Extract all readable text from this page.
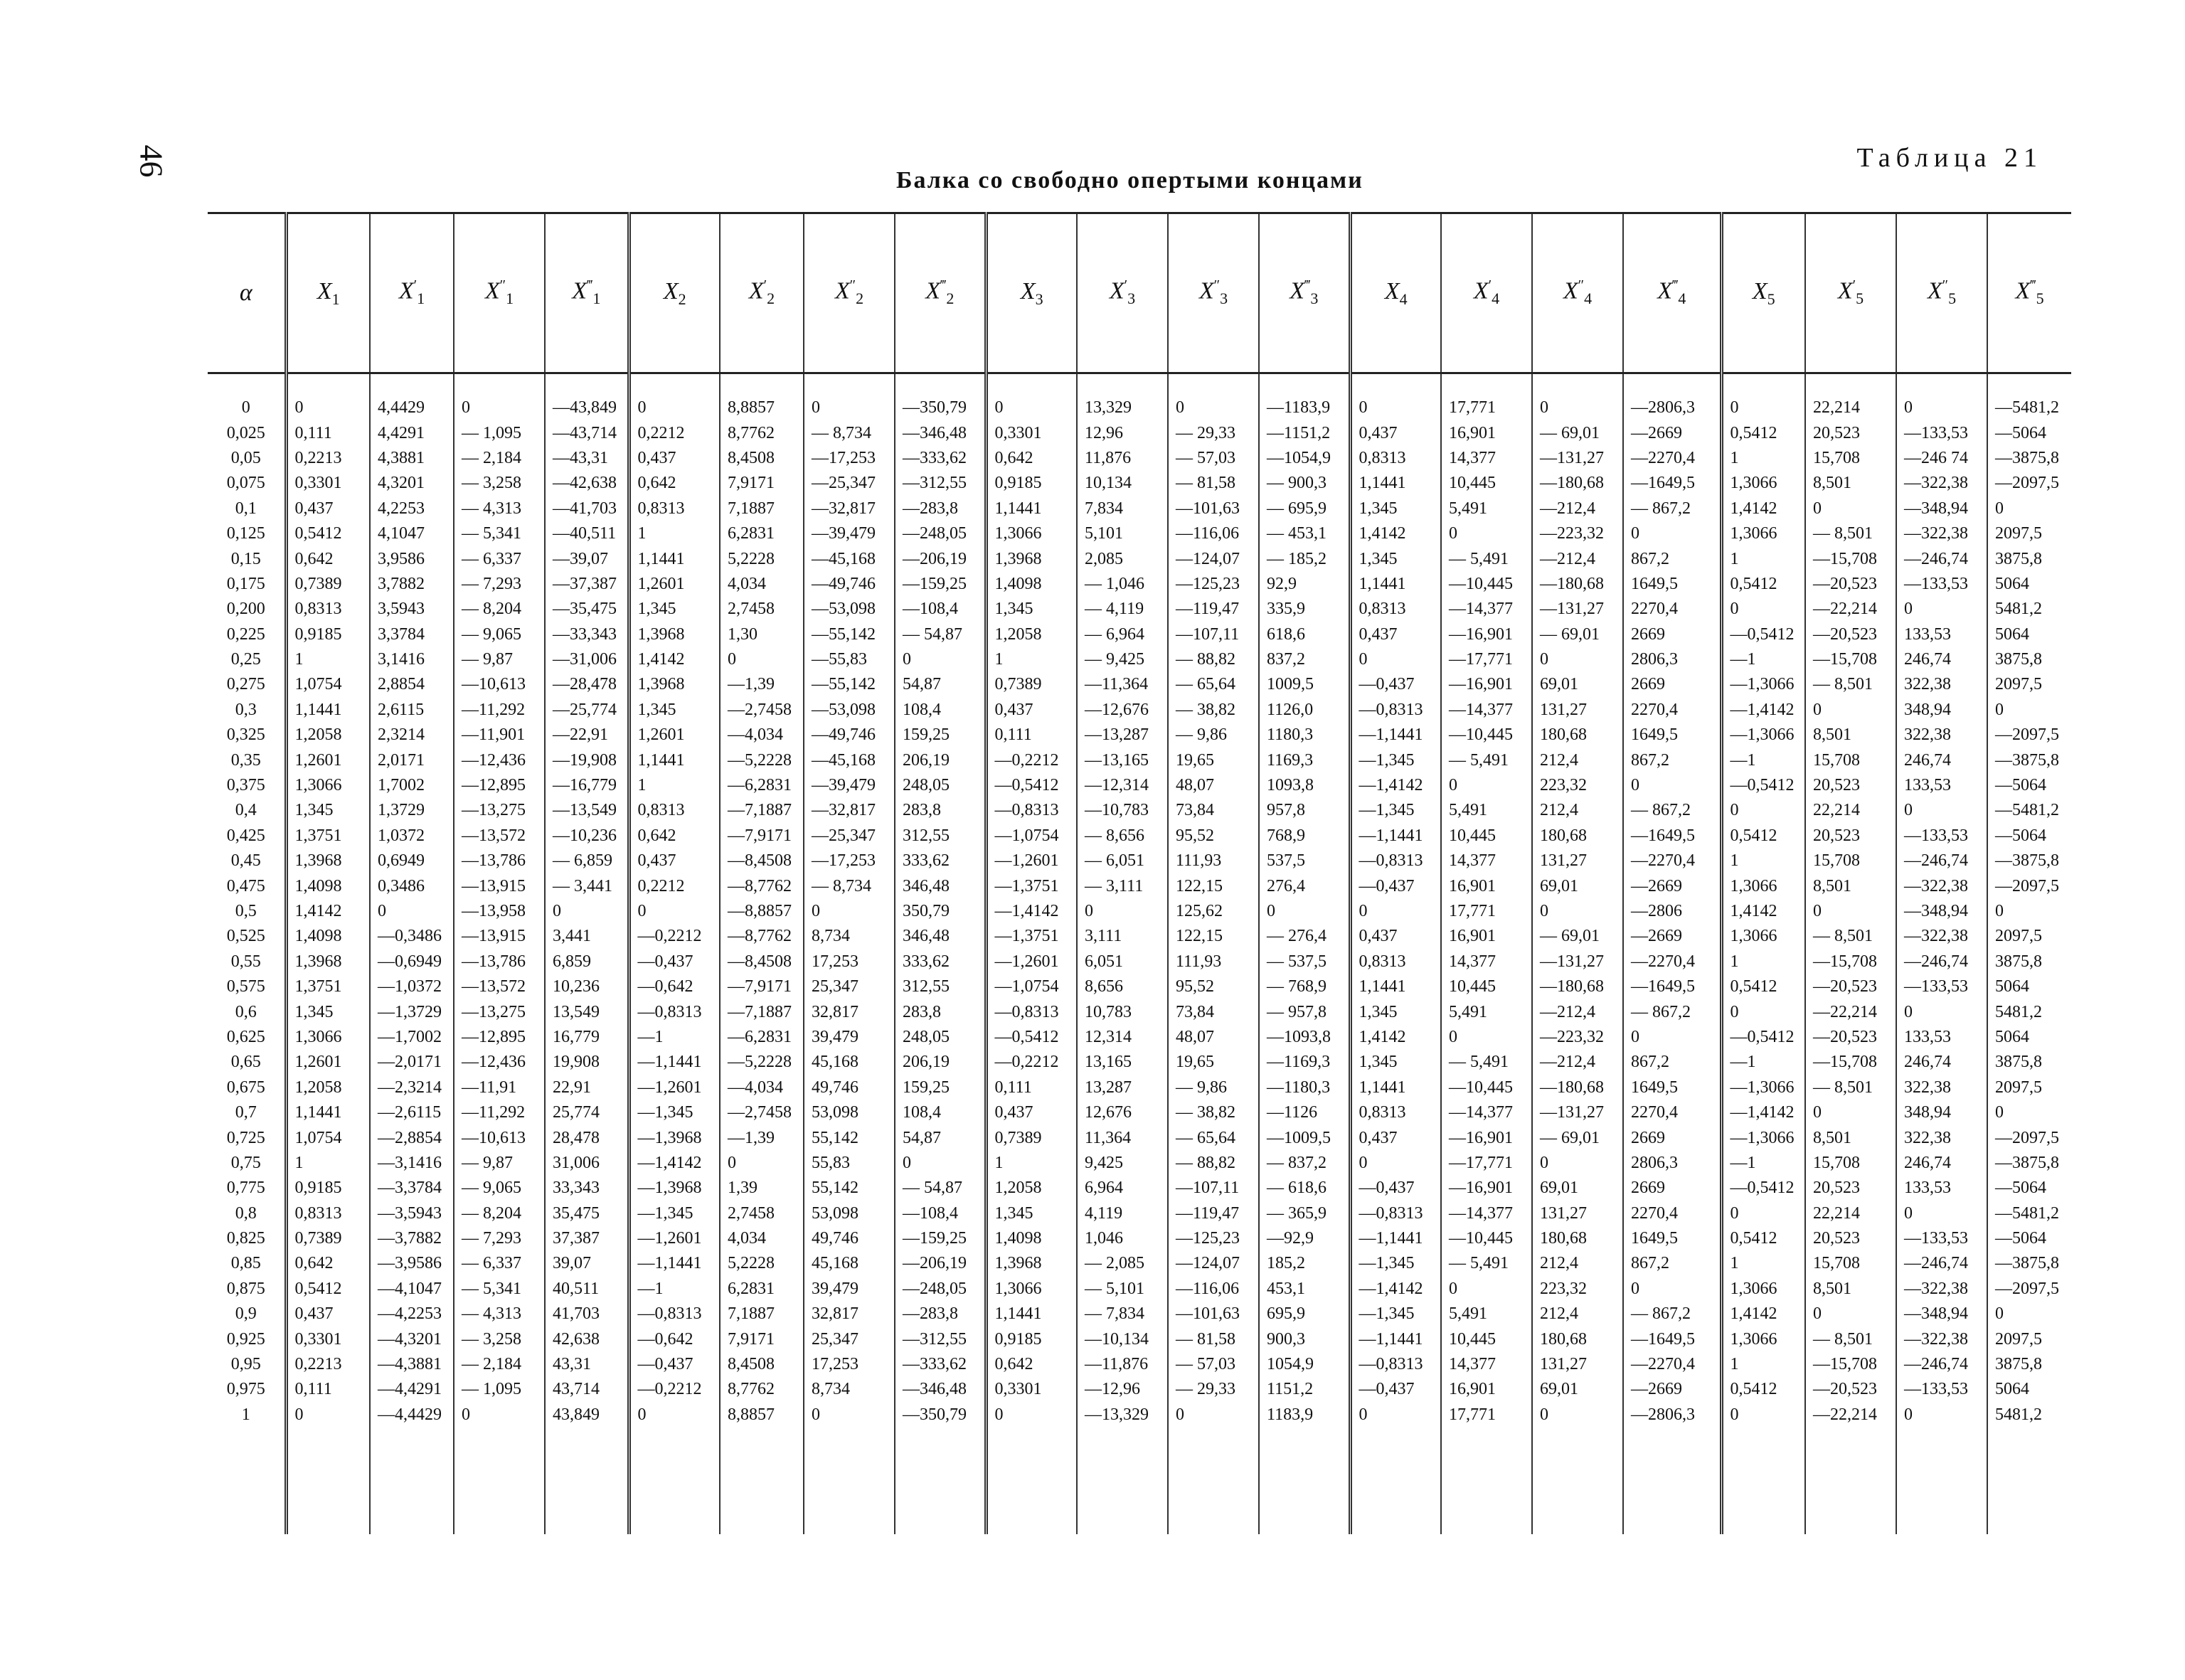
46	Таблица 21
Балка со свободно опертыми концами
α	$X_1$	$X'_1$	$X''_1$	$X^‴_1$	$X_2$	$X'_2$	$X''_2$	$X^‴_2$	$X_3$	$X'_3$	$X''_3$	$X^‴_3$	$X_4$	$X'_4$	$X''_4$	$X^‴_4$	$X_5$	$X'_5$	$X''_5$	$X^‴_5$
0	0	4,4429	0	—43,849	0	8,8857	0	—350,79	0	13,329	0	—1183,9	0	17,771	0	—2806,3	0	22,214	0	—5481,2
0,025	0,111	4,4291	— 1,095	—43,714	0,2212	8,7762	— 8,734	—346,48	0,3301	12,96	— 29,33	—1151,2	0,437	16,901	— 69,01	—2669	0,5412	20,523	—133,53	—5064
0,05	0,2213	4,3881	— 2,184	—43,31	0,437	8,4508	—17,253	—333,62	0,642	11,876	— 57,03	—1054,9	0,8313	14,377	—131,27	—2270,4	1	15,708	—246 74	—3875,8
0,075	0,3301	4,3201	— 3,258	—42,638	0,642	7,9171	—25,347	—312,55	0,9185	10,134	— 81,58	— 900,3	1,1441	10,445	—180,68	—1649,5	1,3066	8,501	—322,38	—2097,5
0,1	0,437	4,2253	— 4,313	—41,703	0,8313	7,1887	—32,817	—283,8	1,1441	7,834	—101,63	— 695,9	1,345	5,491	—212,4	— 867,2	1,4142	0	—348,94	0
0,125	0,5412	4,1047	— 5,341	—40,511	1	6,2831	—39,479	—248,05	1,3066	5,101	—116,06	— 453,1	1,4142	0	—223,32	0	1,3066	— 8,501	—322,38	2097,5
0,15	0,642	3,9586	— 6,337	—39,07	1,1441	5,2228	—45,168	—206,19	1,3968	2,085	—124,07	— 185,2	1,345	— 5,491	—212,4	867,2	1	—15,708	—246,74	3875,8
0,175	0,7389	3,7882	— 7,293	—37,387	1,2601	4,034	—49,746	—159,25	1,4098	— 1,046	—125,23	92,9	1,1441	—10,445	—180,68	1649,5	0,5412	—20,523	—133,53	5064
0,200	0,8313	3,5943	— 8,204	—35,475	1,345	2,7458	—53,098	—108,4	1,345	— 4,119	—119,47	335,9	0,8313	—14,377	—131,27	2270,4	0	—22,214	0	5481,2
0,225	0,9185	3,3784	— 9,065	—33,343	1,3968	1,30	—55,142	— 54,87	1,2058	— 6,964	—107,11	618,6	0,437	—16,901	— 69,01	2669	—0,5412	—20,523	133,53	5064
0,25	1	3,1416	— 9,87	—31,006	1,4142	0	—55,83	0	1	— 9,425	— 88,82	837,2	0	—17,771	0	2806,3	—1	—15,708	246,74	3875,8
0,275	1,0754	2,8854	—10,613	—28,478	1,3968	—1,39	—55,142	54,87	0,7389	—11,364	— 65,64	1009,5	—0,437	—16,901	69,01	2669	—1,3066	— 8,501	322,38	2097,5
0,3	1,1441	2,6115	—11,292	—25,774	1,345	—2,7458	—53,098	108,4	0,437	—12,676	— 38,82	1126,0	—0,8313	—14,377	131,27	2270,4	—1,4142	0	348,94	0
0,325	1,2058	2,3214	—11,901	—22,91	1,2601	—4,034	—49,746	159,25	0,111	—13,287	— 9,86	1180,3	—1,1441	—10,445	180,68	1649,5	—1,3066	8,501	322,38	—2097,5
0,35	1,2601	2,0171	—12,436	—19,908	1,1441	—5,2228	—45,168	206,19	—0,2212	—13,165	19,65	1169,3	—1,345	— 5,491	212,4	867,2	—1	15,708	246,74	—3875,8
0,375	1,3066	1,7002	—12,895	—16,779	1	—6,2831	—39,479	248,05	—0,5412	—12,314	48,07	1093,8	—1,4142	0	223,32	0	—0,5412	20,523	133,53	—5064
0,4	1,345	1,3729	—13,275	—13,549	0,8313	—7,1887	—32,817	283,8	—0,8313	—10,783	73,84	957,8	—1,345	5,491	212,4	— 867,2	0	22,214	0	—5481,2
0,425	1,3751	1,0372	—13,572	—10,236	0,642	—7,9171	—25,347	312,55	—1,0754	— 8,656	95,52	768,9	—1,1441	10,445	180,68	—1649,5	0,5412	20,523	—133,53	—5064
0,45	1,3968	0,6949	—13,786	— 6,859	0,437	—8,4508	—17,253	333,62	—1,2601	— 6,051	111,93	537,5	—0,8313	14,377	131,27	—2270,4	1	15,708	—246,74	—3875,8
0,475	1,4098	0,3486	—13,915	— 3,441	0,2212	—8,7762	— 8,734	346,48	—1,3751	— 3,111	122,15	276,4	—0,437	16,901	69,01	—2669	1,3066	8,501	—322,38	—2097,5
0,5	1,4142	0	—13,958	0	0	—8,8857	0	350,79	—1,4142	0	125,62	0	0	17,771	0	—2806	1,4142	0	—348,94	0
0,525	1,4098	—0,3486	—13,915	3,441	—0,2212	—8,7762	8,734	346,48	—1,3751	3,111	122,15	— 276,4	0,437	16,901	— 69,01	—2669	1,3066	— 8,501	—322,38	2097,5
0,55	1,3968	—0,6949	—13,786	6,859	—0,437	—8,4508	17,253	333,62	—1,2601	6,051	111,93	— 537,5	0,8313	14,377	—131,27	—2270,4	1	—15,708	—246,74	3875,8
0,575	1,3751	—1,0372	—13,572	10,236	—0,642	—7,9171	25,347	312,55	—1,0754	8,656	95,52	— 768,9	1,1441	10,445	—180,68	—1649,5	0,5412	—20,523	—133,53	5064
0,6	1,345	—1,3729	—13,275	13,549	—0,8313	—7,1887	32,817	283,8	—0,8313	10,783	73,84	— 957,8	1,345	5,491	—212,4	— 867,2	0	—22,214	0	5481,2
0,625	1,3066	—1,7002	—12,895	16,779	—1	—6,2831	39,479	248,05	—0,5412	12,314	48,07	—1093,8	1,4142	0	—223,32	0	—0,5412	—20,523	133,53	5064
0,65	1,2601	—2,0171	—12,436	19,908	—1,1441	—5,2228	45,168	206,19	—0,2212	13,165	19,65	—1169,3	1,345	— 5,491	—212,4	867,2	—1	—15,708	246,74	3875,8
0,675	1,2058	—2,3214	—11,91	22,91	—1,2601	—4,034	49,746	159,25	0,111	13,287	— 9,86	—1180,3	1,1441	—10,445	—180,68	1649,5	—1,3066	— 8,501	322,38	2097,5
0,7	1,1441	—2,6115	—11,292	25,774	—1,345	—2,7458	53,098	108,4	0,437	12,676	— 38,82	—1126	0,8313	—14,377	—131,27	2270,4	—1,4142	0	348,94	0
0,725	1,0754	—2,8854	—10,613	28,478	—1,3968	—1,39	55,142	54,87	0,7389	11,364	— 65,64	—1009,5	0,437	—16,901	— 69,01	2669	—1,3066	8,501	322,38	—2097,5
0,75	1	—3,1416	— 9,87	31,006	—1,4142	0	55,83	0	1	9,425	— 88,82	— 837,2	0	—17,771	0	2806,3	—1	15,708	246,74	—3875,8
0,775	0,9185	—3,3784	— 9,065	33,343	—1,3968	1,39	55,142	— 54,87	1,2058	6,964	—107,11	— 618,6	—0,437	—16,901	69,01	2669	—0,5412	20,523	133,53	—5064
0,8	0,8313	—3,5943	— 8,204	35,475	—1,345	2,7458	53,098	—108,4	1,345	4,119	—119,47	— 365,9	—0,8313	—14,377	131,27	2270,4	0	22,214	0	—5481,2
0,825	0,7389	—3,7882	— 7,293	37,387	—1,2601	4,034	49,746	—159,25	1,4098	1,046	—125,23	—92,9	—1,1441	—10,445	180,68	1649,5	0,5412	20,523	—133,53	—5064
0,85	0,642	—3,9586	— 6,337	39,07	—1,1441	5,2228	45,168	—206,19	1,3968	— 2,085	—124,07	185,2	—1,345	— 5,491	212,4	867,2	1	15,708	—246,74	—3875,8
0,875	0,5412	—4,1047	— 5,341	40,511	—1	6,2831	39,479	—248,05	1,3066	— 5,101	—116,06	453,1	—1,4142	0	223,32	0	1,3066	8,501	—322,38	—2097,5
0,9	0,437	—4,2253	— 4,313	41,703	—0,8313	7,1887	32,817	—283,8	1,1441	— 7,834	—101,63	695,9	—1,345	5,491	212,4	— 867,2	1,4142	0	—348,94	0
0,925	0,3301	—4,3201	— 3,258	42,638	—0,642	7,9171	25,347	—312,55	0,9185	—10,134	— 81,58	900,3	—1,1441	10,445	180,68	—1649,5	1,3066	— 8,501	—322,38	2097,5
0,95	0,2213	—4,3881	— 2,184	43,31	—0,437	8,4508	17,253	—333,62	0,642	—11,876	— 57,03	1054,9	—0,8313	14,377	131,27	—2270,4	1	—15,708	—246,74	3875,8
0,975	0,111	—4,4291	— 1,095	43,714	—0,2212	8,7762	8,734	—346,48	0,3301	—12,96	— 29,33	1151,2	—0,437	16,901	69,01	—2669	0,5412	—20,523	—133,53	5064
1	0	—4,4429	0	43,849	0	8,8857	0	—350,79	0	—13,329	0	1183,9	0	17,771	0	—2806,3	0	—22,214	0	5481,2
